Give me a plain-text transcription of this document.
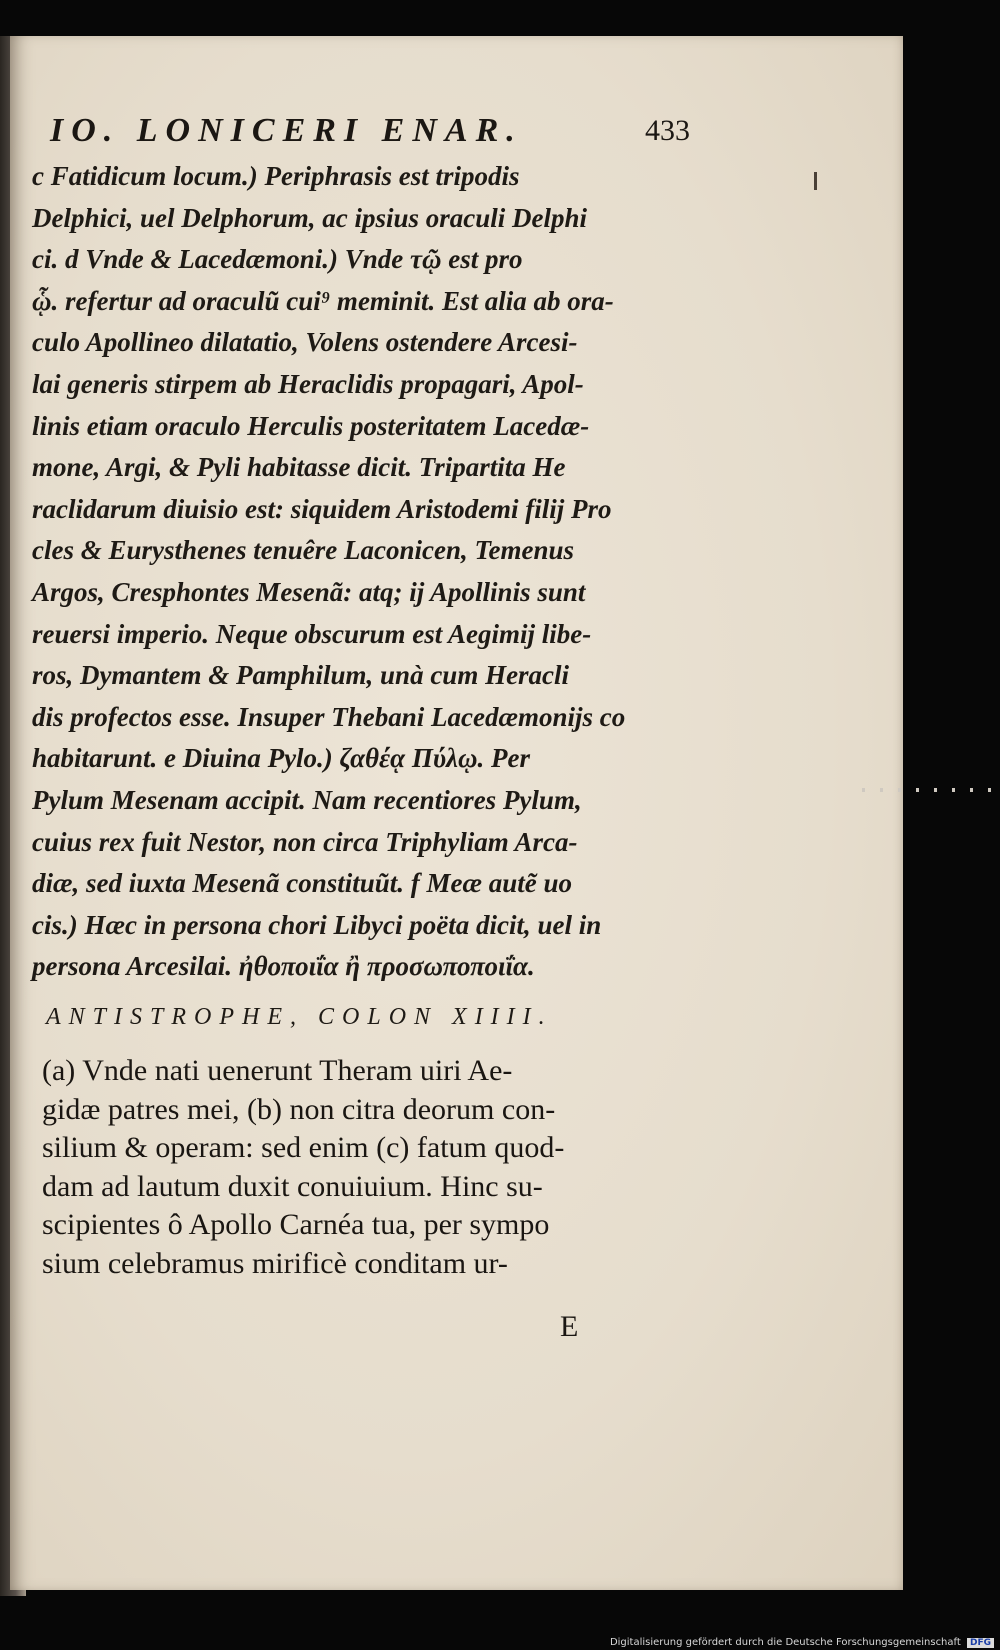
IO. LONICERI ENAR.	433
c Fatidicum locum.) Periphrasis est tripodis
Delphici, uel Delphorum, ac ipsius oraculi Delphi
ci. d Vnde & Lacedæmoni.) Vnde τῷ est pro
ᾧ. refertur ad oraculũ cui⁹ meminit. Est alia ab ora-
culo Apollineo dilatatio, Volens ostendere Arcesi-
lai generis stirpem ab Heraclidis propagari, Apol-
linis etiam oraculo Herculis posteritatem Lacedæ-
mone, Argi, & Pyli habitasse dicit. Tripartita He
raclidarum diuisio est: siquidem Aristodemi filij Pro
cles & Eurysthenes tenuêre Laconicen, Temenus
Argos, Cresphontes Mesenã: atq; ij Apollinis sunt
reuersi imperio. Neque obscurum est Aegimij libe-
ros, Dymantem & Pamphilum, unà cum Heracli
dis profectos esse. Insuper Thebani Lacedæmonijs co
habitarunt. e Diuina Pylo.) ζαθέᾳ Πύλῳ. Per
Pylum Mesenam accipit. Nam recentiores Pylum,
cuius rex fuit Nestor, non circa Triphyliam Arca-
diæ, sed iuxta Mesenã constituũt. f Meæ autẽ uo
cis.) Hæc in persona chori Libyci poëta dicit, uel in
persona Arcesilai. ἠθοποιΐα ἢ προσωποποιΐα.
ANTISTROPHE, COLON XIIII.
(a) Vnde nati uenerunt Theram uiri Ae-
gidæ patres mei, (b) non citra deorum con-
silium & operam: sed enim (c) fatum quod-
dam ad lautum duxit conuiuium. Hinc su-
scipientes ô Apollo Carnéa tua, per sympo
sium celebramus mirificè conditam ur-
E
Digitalisierung gefördert durch die Deutsche Forschungsgemeinschaft DFG
